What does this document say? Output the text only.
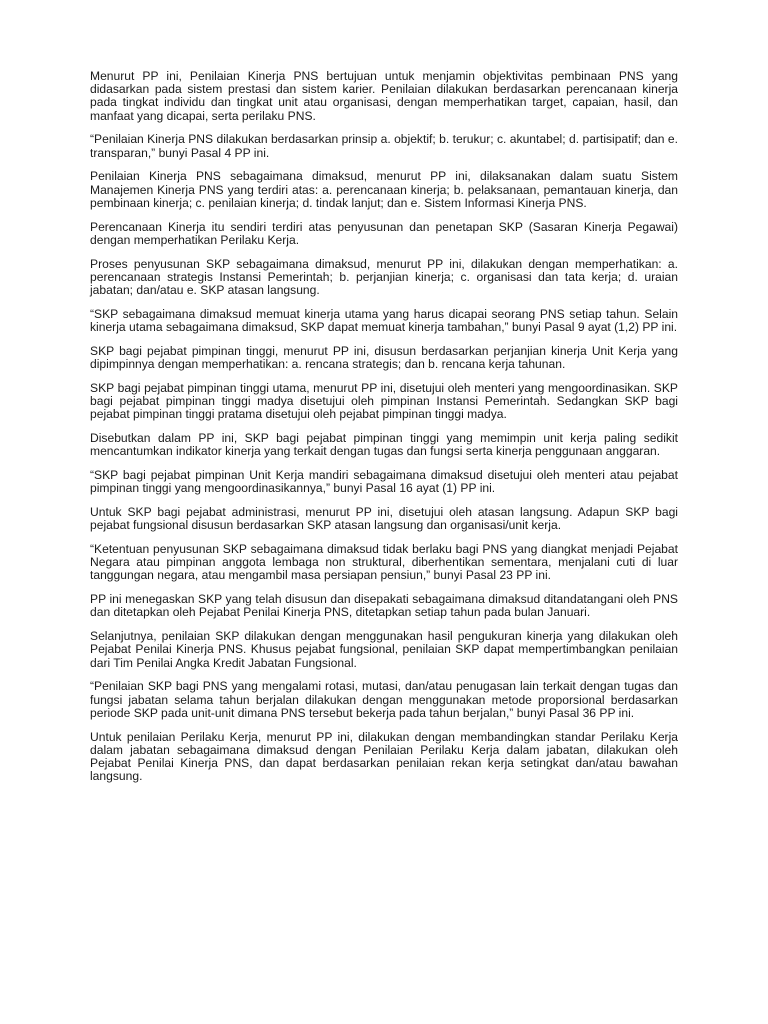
Menurut PP ini, Penilaian Kinerja PNS bertujuan untuk menjamin objektivitas pembinaan PNS yang didasarkan pada sistem prestasi dan sistem karier. Penilaian dilakukan berdasarkan perencanaan kinerja pada tingkat individu dan tingkat unit atau organisasi, dengan memperhatikan target, capaian, hasil, dan manfaat yang dicapai, serta perilaku PNS.

“Penilaian Kinerja PNS dilakukan berdasarkan prinsip a. objektif; b. terukur; c. akuntabel; d. partisipatif; dan e. transparan,” bunyi Pasal 4 PP ini.

Penilaian Kinerja PNS sebagaimana dimaksud, menurut PP ini, dilaksanakan dalam suatu Sistem Manajemen Kinerja PNS yang terdiri atas: a. perencanaan kinerja; b. pelaksanaan, pemantauan kinerja, dan pembinaan kinerja; c. penilaian kinerja; d. tindak lanjut; dan e. Sistem Informasi Kinerja PNS.

Perencanaan Kinerja itu sendiri terdiri atas penyusunan dan penetapan SKP (Sasaran Kinerja Pegawai) dengan memperhatikan Perilaku Kerja.

Proses penyusunan SKP sebagaimana dimaksud, menurut PP ini, dilakukan dengan memperhatikan: a. perencanaan strategis Instansi Pemerintah; b. perjanjian kinerja; c. organisasi dan tata kerja; d. uraian jabatan; dan/atau e. SKP atasan langsung.

“SKP sebagaimana dimaksud memuat kinerja utama yang harus dicapai seorang PNS setiap tahun. Selain kinerja utama sebagaimana dimaksud, SKP dapat memuat kinerja tambahan,” bunyi Pasal 9 ayat (1,2) PP ini.

SKP bagi pejabat pimpinan tinggi, menurut PP ini, disusun berdasarkan perjanjian kinerja Unit Kerja yang dipimpinnya dengan memperhatikan: a. rencana strategis; dan b. rencana kerja tahunan.

SKP bagi pejabat pimpinan tinggi utama, menurut PP ini, disetujui oleh menteri yang mengoordinasikan. SKP bagi pejabat pimpinan tinggi madya disetujui oleh pimpinan Instansi Pemerintah. Sedangkan SKP bagi pejabat pimpinan tinggi pratama disetujui oleh pejabat pimpinan tinggi madya.

Disebutkan dalam PP ini, SKP bagi pejabat pimpinan tinggi yang memimpin unit kerja paling sedikit mencantumkan indikator kinerja yang terkait dengan tugas dan fungsi serta kinerja penggunaan anggaran.

“SKP bagi pejabat pimpinan Unit Kerja mandiri sebagaimana dimaksud disetujui oleh menteri atau pejabat pimpinan tinggi yang mengoordinasikannya,” bunyi Pasal 16 ayat (1) PP ini.

Untuk SKP bagi pejabat administrasi, menurut PP ini, disetujui oleh atasan langsung. Adapun SKP bagi pejabat fungsional disusun berdasarkan SKP atasan langsung dan organisasi/unit kerja.

“Ketentuan penyusunan SKP sebagaimana dimaksud tidak berlaku bagi PNS yang diangkat menjadi Pejabat Negara atau pimpinan anggota lembaga non struktural, diberhentikan sementara, menjalani cuti di luar tanggungan negara, atau mengambil masa persiapan pensiun,” bunyi Pasal 23 PP ini.

PP ini menegaskan SKP yang telah disusun dan disepakati sebagaimana dimaksud ditandatangani oleh PNS dan ditetapkan oleh Pejabat Penilai Kinerja PNS, ditetapkan setiap tahun pada bulan Januari.

Selanjutnya, penilaian SKP dilakukan dengan menggunakan hasil pengukuran kinerja yang dilakukan oleh Pejabat Penilai Kinerja PNS. Khusus pejabat fungsional, penilaian SKP dapat mempertimbangkan penilaian dari Tim Penilai Angka Kredit Jabatan Fungsional.

“Penilaian SKP bagi PNS yang mengalami rotasi, mutasi, dan/atau penugasan lain terkait dengan tugas dan fungsi jabatan selama tahun berjalan dilakukan dengan menggunakan metode proporsional berdasarkan periode SKP pada unit-unit dimana PNS tersebut bekerja pada tahun berjalan,” bunyi Pasal 36 PP ini.

Untuk penilaian Perilaku Kerja, menurut PP ini, dilakukan dengan membandingkan standar Perilaku Kerja dalam jabatan sebagaimana dimaksud dengan Penilaian Perilaku Kerja dalam jabatan, dilakukan oleh Pejabat Penilai Kinerja PNS, dan dapat berdasarkan penilaian rekan kerja setingkat dan/atau bawahan langsung.
